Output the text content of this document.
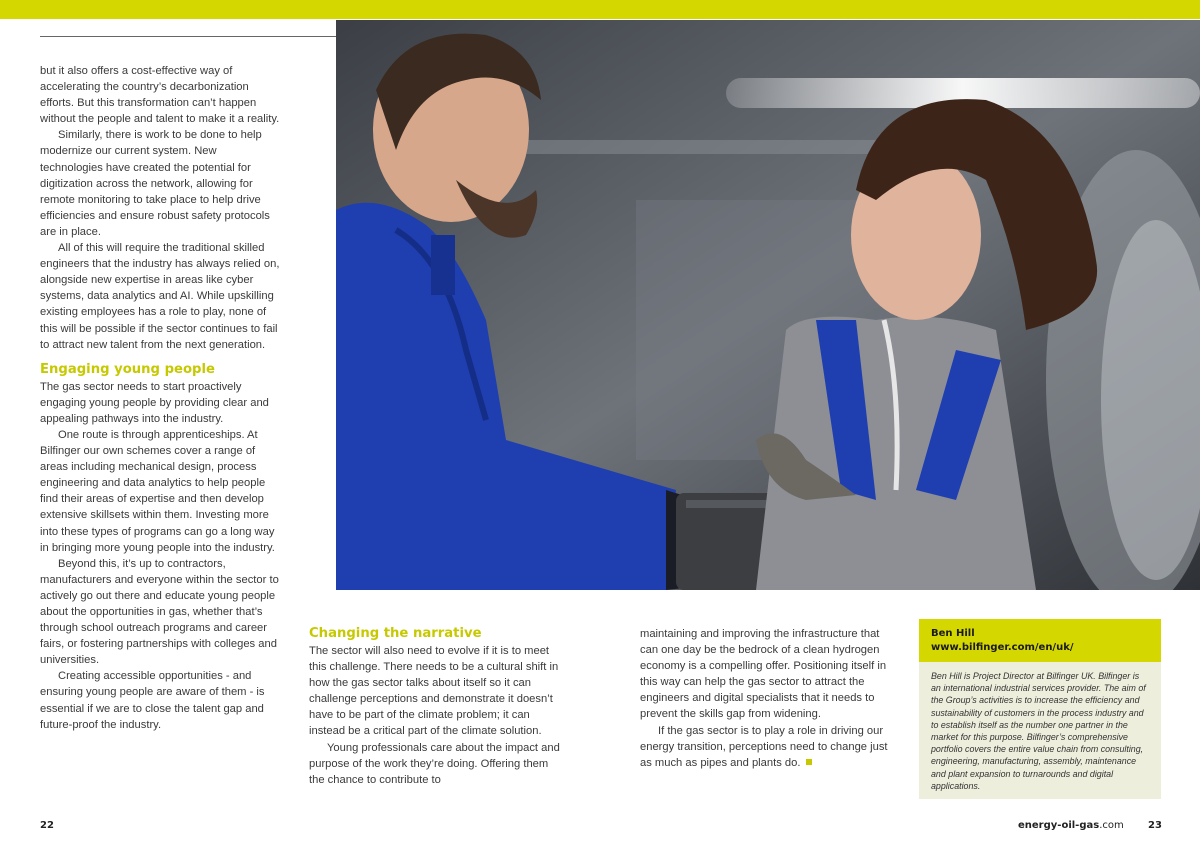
but it also offers a cost-effective way of accelerating the country’s decarbonization efforts. But this transformation can’t happen without the people and talent to make it a reality.

Similarly, there is work to be done to help modernize our current system. New technologies have created the potential for digitization across the network, allowing for remote monitoring to take place to help drive efficiencies and ensure robust safety protocols are in place.

All of this will require the traditional skilled engineers that the industry has always relied on, alongside new expertise in areas like cyber systems, data analytics and AI. While upskilling existing employees has a role to play, none of this will be possible if the sector continues to fail to attract new talent from the next generation.

Engaging young people

The gas sector needs to start proactively engaging young people by providing clear and appealing pathways into the industry.

One route is through apprenticeships. At Bilfinger our own schemes cover a range of areas including mechanical design, process engineering and data analytics to help people find their areas of expertise and then develop extensive skillsets within them. Investing more into these types of programs can go a long way in bringing more young people into the industry.

Beyond this, it’s up to contractors, manufacturers and everyone within the sector to actively go out there and educate young people about the opportunities in gas, whether that’s through school outreach programs and career fairs, or fostering partnerships with colleges and universities.

Creating accessible opportunities - and ensuring young people are aware of them - is essential if we are to close the talent gap and future-proof the industry.

Changing the narrative

The sector will also need to evolve if it is to meet this challenge. There needs to be a cultural shift in how the gas sector talks about itself so it can challenge perceptions and demonstrate it doesn’t have to be part of the climate problem; it can instead be a critical part of the climate solution.

Young professionals care about the impact and purpose of the work they’re doing. Offering them the chance to contribute to

maintaining and improving the infrastructure that can one day be the bedrock of a clean hydrogen economy is a compelling offer. Positioning itself in this way can help the gas sector to attract the engineers and digital specialists that it needs to prevent the skills gap from widening.

If the gas sector is to play a role in driving our energy transition, perceptions need to change just as much as pipes and plants do.

Ben Hill
www.bilfinger.com/en/uk/
Ben Hill is Project Director at Bilfinger UK. Bilfinger is an international industrial services provider. The aim of the Group’s activities is to increase the efficiency and sustainability of customers in the process industry and to establish itself as the number one partner in the market for this purpose. Bilfinger’s comprehensive portfolio covers the entire value chain from consulting, engineering, manufacturing, assembly, maintenance and plant expansion to turnarounds and digital applications.
22	energy-oil-gas.com 23
